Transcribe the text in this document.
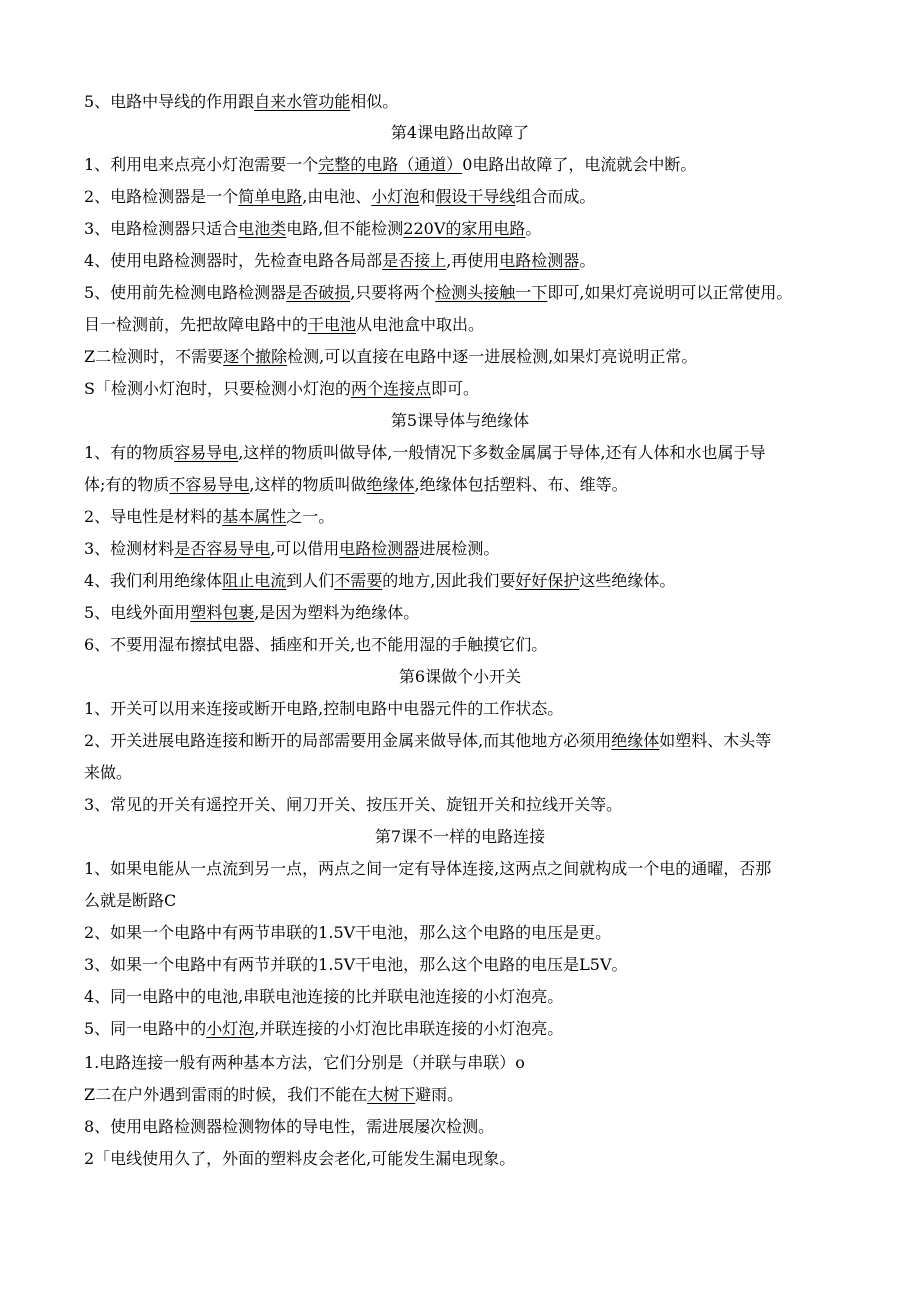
5、电路中导线的作用跟自来水管功能相似。
第4课电路出故障了
1、利用电来点亮小灯泡需要一个完整的电路（通道）0电路出故障了，电流就会中断。
2、电路检测器是一个简单电路,由电池、小灯泡和假设干导线组合而成。
3、电路检测器只适合电池类电路,但不能检测220V的家用电路。
4、使用电路检测器时，先检查电路各局部是否接上,再使用电路检测器。
5、使用前先检测电路检测器是否破损,只要将两个检测头接触一下即可,如果灯亮说明可以正常使用。
目一检测前，先把故障电路中的干电池从电池盒中取出。
Z二检测时，不需要逐个撤除检测,可以直接在电路中逐一进展检测,如果灯亮说明正常。
S「检测小灯泡时，只要检测小灯泡的两个连接点即可。
第5课导体与绝缘体
1、有的物质容易导电,这样的物质叫做导体,一般情况下多数金属属于导体,还有人体和水也属于导
体;有的物质不容易导电,这样的物质叫做绝缘体,绝缘体包括塑料、布、维等。
2、导电性是材料的基本属性之一。
3、检测材料是否容易导电,可以借用电路检测器进展检测。
4、我们利用绝缘体阻止电流到人们不需要的地方,因此我们要好好保护这些绝缘体。
5、电线外面用塑料包裹,是因为塑料为绝缘体。
6、不要用湿布擦拭电器、插座和开关,也不能用湿的手触摸它们。
第6课做个小开关
1、开关可以用来连接或断开电路,控制电路中电器元件的工作状态。
2、开关进展电路连接和断开的局部需要用金属来做导体,而其他地方必须用绝缘体如塑料、木头等
来做。
3、常见的开关有遥控开关、闸刀开关、按压开关、旋钮开关和拉线开关等。
第7课不一样的电路连接
1、如果电能从一点流到另一点，两点之间一定有导体连接,这两点之间就构成一个电的通曜，否那
么就是断路C
2、如果一个电路中有两节串联的1.5V干电池，那么这个电路的电压是更。
3、如果一个电路中有两节并联的1.5V干电池，那么这个电路的电压是L5V。
4、同一电路中的电池,串联电池连接的比并联电池连接的小灯泡亮。
5、同一电路中的小灯泡,并联连接的小灯泡比串联连接的小灯泡亮。
1.电路连接一般有两种基本方法，它们分别是（并联与串联）o
Z二在户外遇到雷雨的时候，我们不能在大树下避雨。
8、使用电路检测器检测物体的导电性，需进展屡次检测。
2「电线使用久了，外面的塑料皮会老化,可能发生漏电现象。
